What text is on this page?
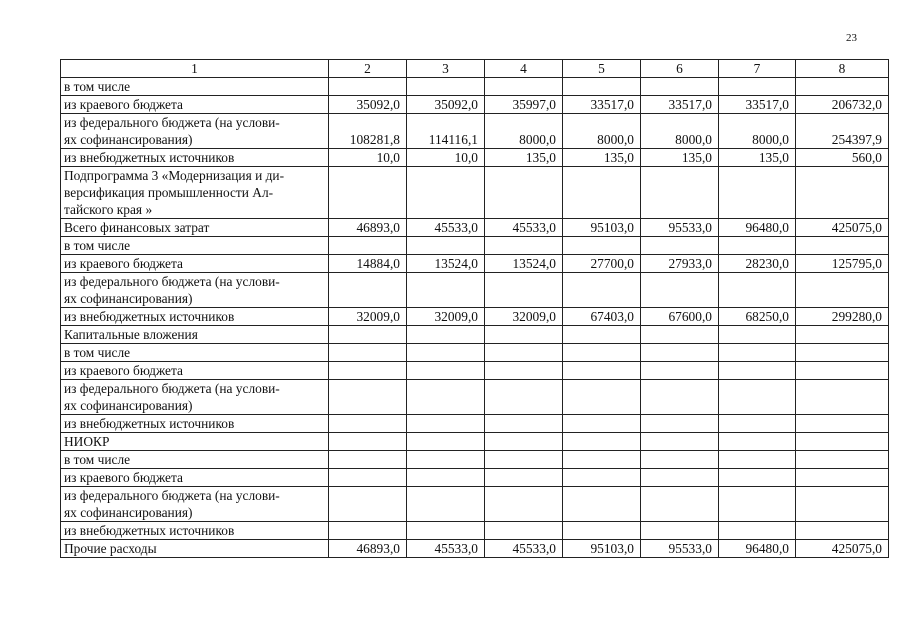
23
1	2	3	4	5	6	7	8
в том числе							
из краевого бюджета	35092,0	35092,0	35997,0	33517,0	33517,0	33517,0	206732,0
из федерального бюджета (на услови-
ях софинансирования)	108281,8	114116,1	8000,0	8000,0	8000,0	8000,0	254397,9
из внебюджетных источников	10,0	10,0	135,0	135,0	135,0	135,0	560,0
Подпрограмма 3 «Модернизация и ди-
версификация промышленности Ал-
тайского края »							
Всего финансовых затрат	46893,0	45533,0	45533,0	95103,0	95533,0	96480,0	425075,0
в том числе							
из краевого бюджета	14884,0	13524,0	13524,0	27700,0	27933,0	28230,0	125795,0
из федерального бюджета (на услови-
ях софинансирования)							
из внебюджетных источников	32009,0	32009,0	32009,0	67403,0	67600,0	68250,0	299280,0
Капитальные вложения							
в том числе							
из краевого бюджета							
из федерального бюджета (на услови-
ях софинансирования)							
из внебюджетных источников							
НИОКР							
в том числе							
из краевого бюджета							
из федерального бюджета (на услови-
ях софинансирования)							
из внебюджетных источников							
Прочие расходы	46893,0	45533,0	45533,0	95103,0	95533,0	96480,0	425075,0
